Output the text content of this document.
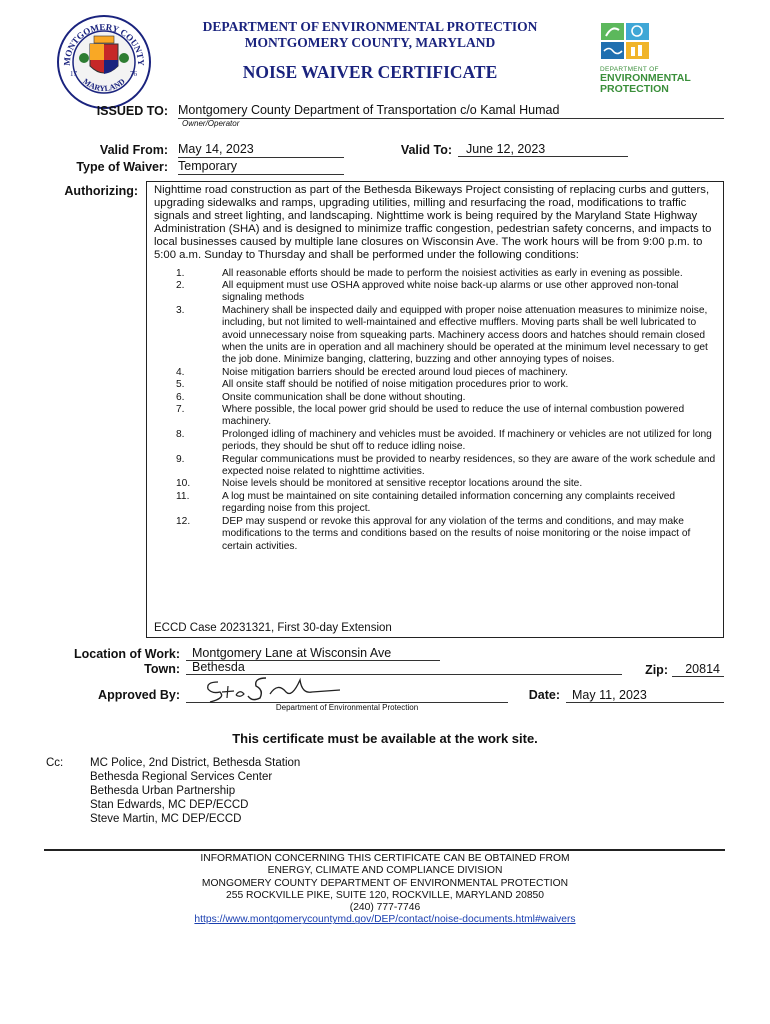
MONTGOMERY COUNTY
MARYLAND
17	76
DEPARTMENT OF ENVIRONMENTAL PROTECTION
MONTGOMERY COUNTY, MARYLAND
NOISE WAIVER CERTIFICATE	DEPARTMENT OF
ENVIRONMENTAL
PROTECTION
ISSUED TO: Montgomery County Department of Transportation c/o Kamal Humad
Owner/Operator
Valid From: May 14, 2023	Valid To:	June 12, 2023
Type of Waiver: Temporary
Authorizing: Nighttime road construction as part of the Bethesda Bikeways Project consisting of replacing curbs and gutters, upgrading sidewalks and ramps, upgrading utilities, milling and resurfacing the road, modifications to traffic signals and street lighting, and landscaping. Nighttime work is being required by the Maryland State Highway Administration (SHA) and is designed to minimize traffic congestion, pedestrian safety concerns, and impacts to local businesses caused by multiple lane closures on Wisconsin Ave. The work hours will be from 9:00 p.m. to 5:00 a.m. Sunday to Thursday and shall be performed under the following conditions:
1.	All reasonable efforts should be made to perform the noisiest activities as early in evening as possible.
2.	All equipment must use OSHA approved white noise back-up alarms or use other approved non-tonal signaling methods
3.	Machinery shall be inspected daily and equipped with proper noise attenuation measures to minimize noise, including, but not limited to well-maintained and effective mufflers. Moving parts shall be well lubricated to avoid unnecessary noise from squeaking parts. Machinery access doors and hatches should remain closed when the units are in operation and all machinery should be operated at the minimum level necessary to get the job done. Minimize banging, clattering, buzzing and other annoying types of noises.
4.	Noise mitigation barriers should be erected around loud pieces of machinery.
5.	All onsite staff should be notified of noise mitigation procedures prior to work.
6.	Onsite communication shall be done without shouting.
7.	Where possible, the local power grid should be used to reduce the use of internal combustion powered machinery.
8.	Prolonged idling of machinery and vehicles must be avoided. If machinery or vehicles are not utilized for long periods, they should be shut off to reduce idling noise.
9.	Regular communications must be provided to nearby residences, so they are aware of the work schedule and expected noise related to nighttime activities.
10.	Noise levels should be monitored at sensitive receptor locations around the site.
11.	A log must be maintained on site containing detailed information concerning any complaints received regarding noise from this project.
12.	DEP may suspend or revoke this approval for any violation of the terms and conditions, and may make modifications to the terms and conditions based on the results of noise monitoring or the noise impact of certain activities.
ECCD Case 20231321, First 30-day Extension
Location of Work: Montgomery Lane at Wisconsin Ave
Town: Bethesda	Zip:	20814
Approved By:
Department of Environmental Protection
Date: May 11, 2023
This certificate must be available at the work site.
Cc: MC Police, 2nd District, Bethesda Station
Bethesda Regional Services Center
Bethesda Urban Partnership
Stan Edwards, MC DEP/ECCD
Steve Martin, MC DEP/ECCD
INFORMATION CONCERNING THIS CERTIFICATE CAN BE OBTAINED FROM
ENERGY, CLIMATE AND COMPLIANCE DIVISION
MONGOMERY COUNTY DEPARTMENT OF ENVIRONMENTAL PROTECTION
255 ROCKVILLE PIKE, SUITE 120, ROCKVILLE, MARYLAND 20850
(240) 777-7746
https://www.montgomerycountymd.gov/DEP/contact/noise-documents.html#waivers
